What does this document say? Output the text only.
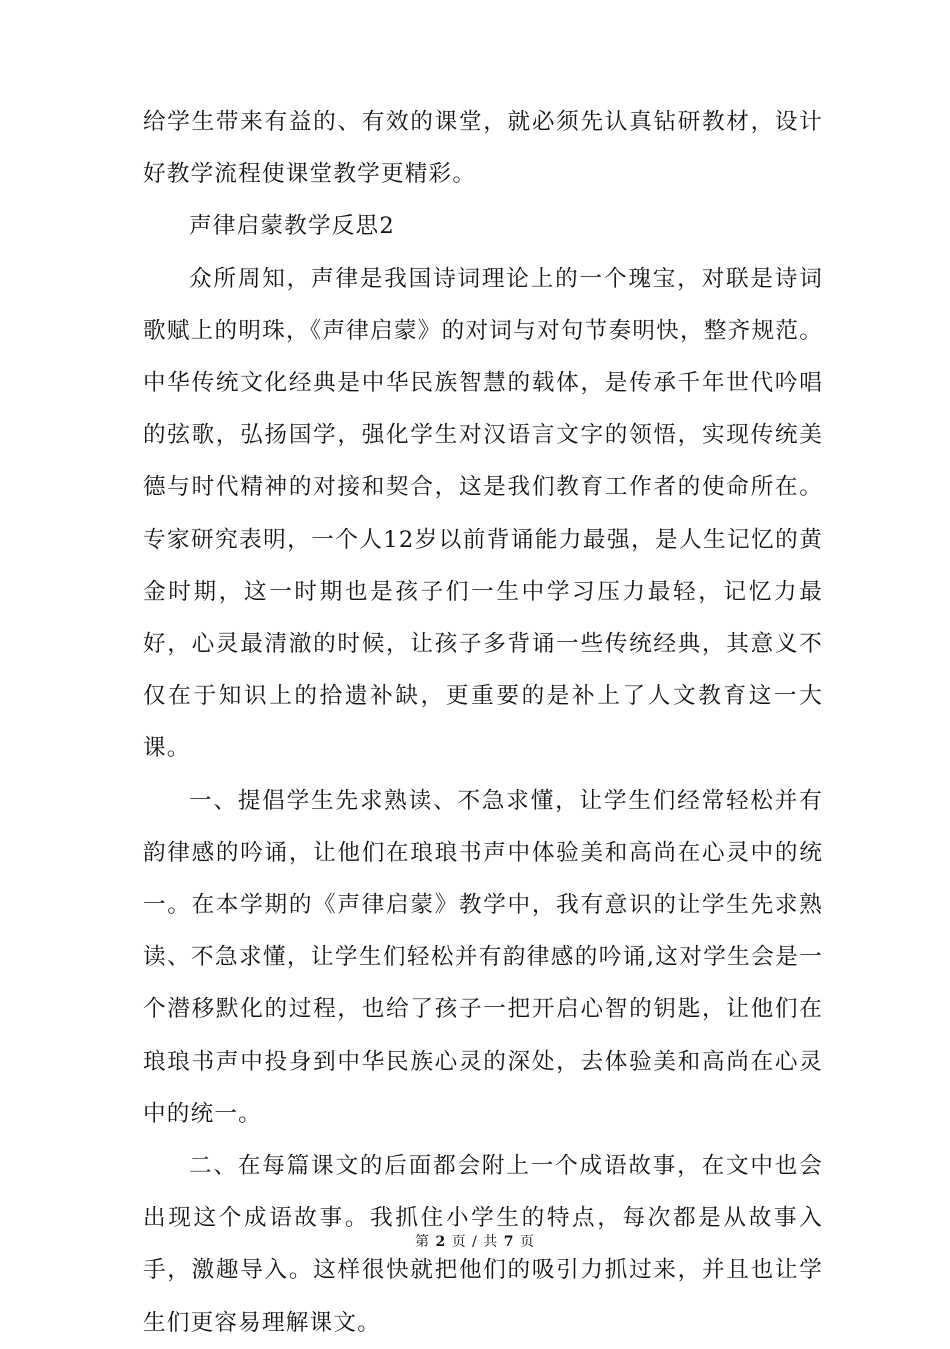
给学生带来有益的、有效的课堂，就必须先认真钻研教材，设计好教学流程使课堂教学更精彩。

声律启蒙教学反思2

众所周知，声律是我国诗词理论上的一个瑰宝，对联是诗词歌赋上的明珠，《声律启蒙》的对词与对句节奏明快，整齐规范。中华传统文化经典是中华民族智慧的载体，是传承千年世代吟唱的弦歌，弘扬国学，强化学生对汉语言文字的领悟，实现传统美德与时代精神的对接和契合，这是我们教育工作者的使命所在。专家研究表明，一个人12岁以前背诵能力最强，是人生记忆的黄金时期，这一时期也是孩子们一生中学习压力最轻，记忆力最好，心灵最清澈的时候，让孩子多背诵一些传统经典，其意义不仅在于知识上的拾遗补缺，更重要的是补上了人文教育这一大课。

一、提倡学生先求熟读、不急求懂，让学生们经常轻松并有韵律感的吟诵，让他们在琅琅书声中体验美和高尚在心灵中的统一。在本学期的《声律启蒙》教学中，我有意识的让学生先求熟读、不急求懂，让学生们轻松并有韵律感的吟诵,这对学生会是一个潜移默化的过程，也给了孩子一把开启心智的钥匙，让他们在琅琅书声中投身到中华民族心灵的深处，去体验美和高尚在心灵中的统一。

二、在每篇课文的后面都会附上一个成语故事，在文中也会出现这个成语故事。我抓住小学生的特点，每次都是从故事入手，激趣导入。这样很快就把他们的吸引力抓过来，并且也让学生们更容易理解课文。

第 2 页 / 共 7 页
